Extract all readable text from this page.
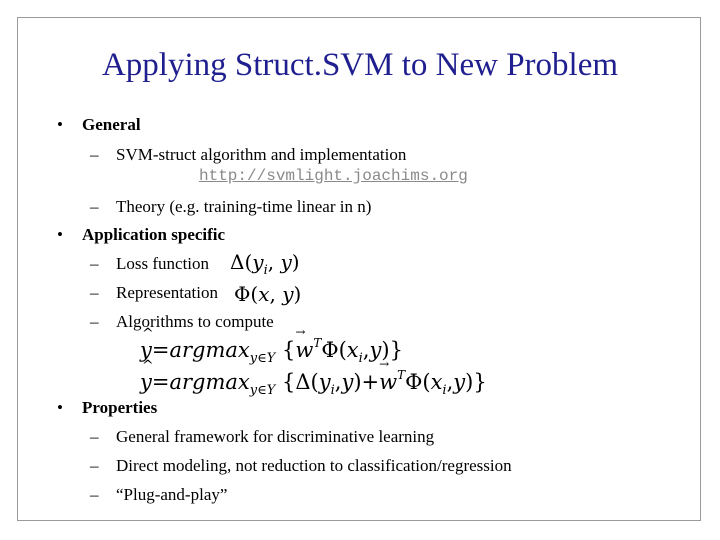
Applying Struct.SVM to New Problem
• General
– SVM-struct algorithm and implementation
http://svmlight.joachims.org
– Theory (e.g. training-time linear in n)
• Application specific
– Loss function $\Delta(y_i$, y)
– Representation Φ(x, y)
– Algorithms to compute
^ y=argmax$_{y\in Y}$ {→ $w^T\Phi(x_i,y)$}
^ y=argmax$_{y\in Y}$ $\{\Delta(y_i,y)+\to w^T\Phi(x_i,y)\}$
• Properties
– General framework for discriminative learning
– Direct modeling, not reduction to classification/regression
– “Plug-and-play”
